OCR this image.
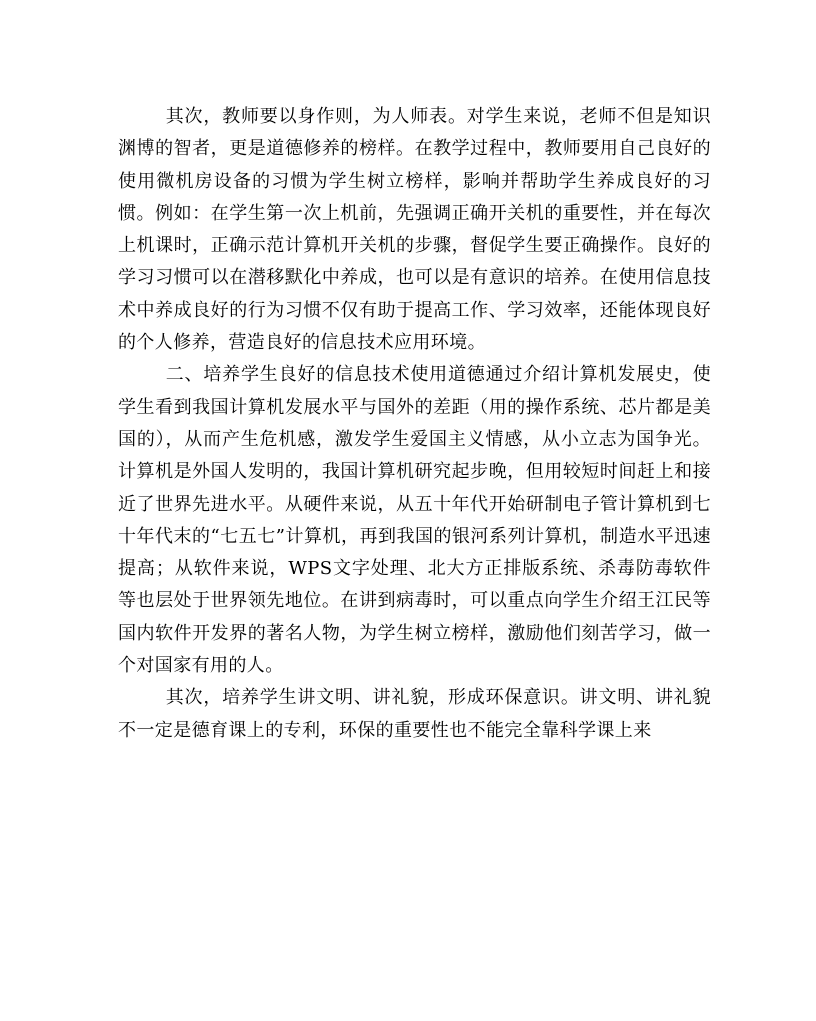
其次，教师要以身作则，为人师表。对学生来说，老师不但是知识渊博的智者，更是道德修养的榜样。在教学过程中，教师要用自己良好的使用微机房设备的习惯为学生树立榜样，影响并帮助学生养成良好的习惯。例如：在学生第一次上机前，先强调正确开关机的重要性，并在每次上机课时，正确示范计算机开关机的步骤，督促学生要正确操作。良好的学习习惯可以在潜移默化中养成，也可以是有意识的培养。在使用信息技术中养成良好的行为习惯不仅有助于提高工作、学习效率，还能体现良好的个人修养，营造良好的信息技术应用环境。

二、培养学生良好的信息技术使用道德通过介绍计算机发展史，使学生看到我国计算机发展水平与国外的差距（用的操作系统、芯片都是美国的），从而产生危机感，激发学生爱国主义情感，从小立志为国争光。计算机是外国人发明的，我国计算机研究起步晚，但用较短时间赶上和接近了世界先进水平。从硬件来说，从五十年代开始研制电子管计算机到七十年代末的“七五七”计算机，再到我国的银河系列计算机，制造水平迅速提高；从软件来说，WPS文字处理、北大方正排版系统、杀毒防毒软件等也层处于世界领先地位。在讲到病毒时，可以重点向学生介绍王江民等国内软件开发界的著名人物，为学生树立榜样，激励他们刻苦学习，做一个对国家有用的人。

其次，培养学生讲文明、讲礼貌，形成环保意识。讲文明、讲礼貌不一定是德育课上的专利，环保的重要性也不能完全靠科学课上来
